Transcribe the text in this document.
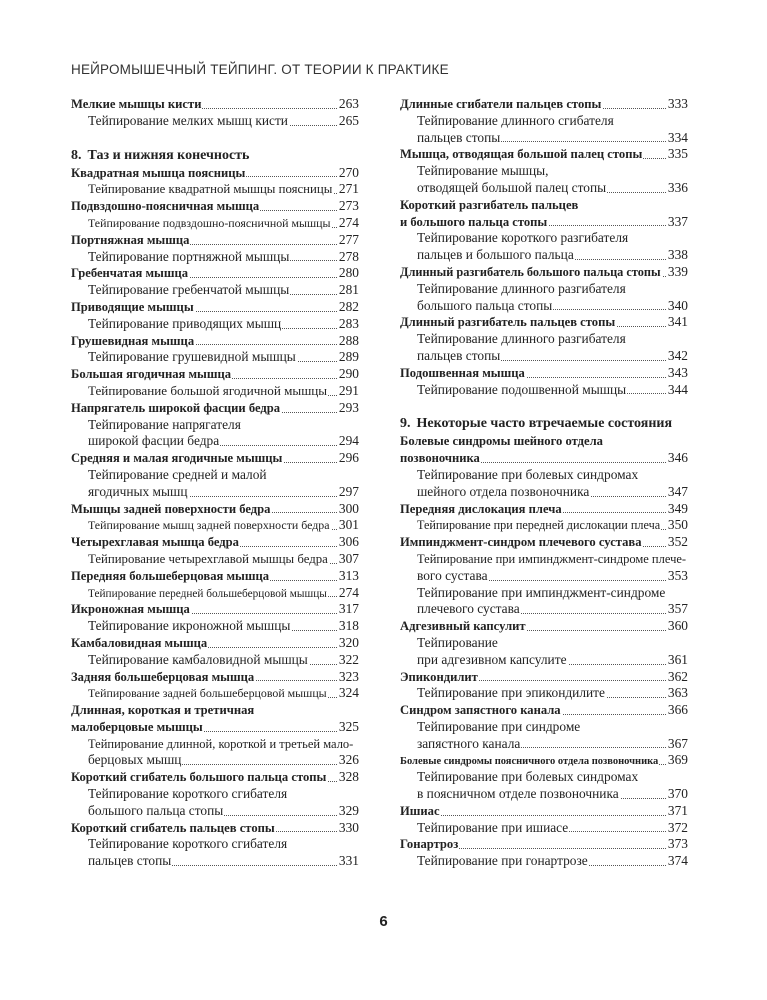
НЕЙРОМЫШЕЧНЫЙ ТЕЙПИНГ. ОТ ТЕОРИИ К ПРАКТИКЕ
Мелкие мышцы кисти	263
Тейпирование мелких мышц кисти	265
8. Таз и нижняя конечность
Квадратная мышца поясницы	270
Тейпирование квадратной мышцы поясницы 271
Подвздошно-поясничная мышца	273
Тейпирование подвздошно-поясничной мышцы 274
Портняжная мышца	277
Тейпирование портняжной мышцы	278
Гребенчатая мышца	280
Тейпирование гребенчатой мышцы	281
Приводящие мышцы	282
Тейпирование приводящих мышц	283
Грушевидная мышца	288
Тейпирование грушевидной мышцы	289
Большая ягодичная мышца	290
Тейпирование большой ягодичной мышцы 291
Напрягатель широкой фасции бедра	293
Тейпирование напрягателя
широкой фасции бедра	294
Средняя и малая ягодичные мышцы	296
Тейпирование средней и малой
ягодичных мышц	297
Мышцы задней поверхности бедра	300
Тейпирование мышц задней поверхности бедра 301
Четырехглавая мышца бедра	306
Тейпирование четырехглавой мышцы бедра 307
Передняя большеберцовая мышца	313
Тейпирование передней большеберцовой мышцы 274
Икроножная мышца	317
Тейпирование икроножной мышцы	318
Камбаловидная мышца	320
Тейпирование камбаловидной мышцы 322
Задняя большеберцовая мышца	323
Тейпирование задней большеберцовой мышцы 324
Длинная, короткая и третичная
малоберцовые мышцы	325
Тейпирование длинной, короткой и третьей мало-
берцовых мышц	326
Короткий сгибатель большого пальца стопы 328
Тейпирование короткого сгибателя
большого пальца стопы	329
Короткий сгибатель пальцев стопы	330
Тейпирование короткого сгибателя
пальцев стопы	331
Длинные сгибатели пальцев стопы	333
Тейпирование длинного сгибателя
пальцев стопы	334
Мышца, отводящая большой палец стопы 335
Тейпирование мышцы,
отводящей большой палец стопы	336
Короткий разгибатель пальцев
и большого пальца стопы	337
Тейпирование короткого разгибателя
пальцев и большого пальца	338
Длинный разгибатель большого пальца стопы 339
Тейпирование длинного разгибателя
большого пальца стопы	340
Длинный разгибатель пальцев стопы	341
Тейпирование длинного разгибателя
пальцев стопы	342
Подошвенная мышца	343
Тейпирование подошвенной мышцы	344
9. Некоторые часто втречаемые состояния
Болевые синдромы шейного отдела
позвоночника	346
Тейпирование при болевых синдромах
шейного отдела позвоночника	347
Передняя дислокация плеча	349
Тейпирование при передней дислокации плеча 350
Импинджмент-синдром плечевого сустава 352
Тейпирование при импинджмент-синдроме плече-
вого сустава	353
Тейпирование при импинджмент-синдроме
плечевого сустава	357
Адгезивный капсулит	360
Тейпирование
при адгезивном капсулите	361
Эпикондилит	362
Тейпирование при эпикондилите	363
Синдром запястного канала	366
Тейпирование при синдроме
запястного канала	367
Болевые синдромы поясничного отдела позвоночника 369
Тейпирование при болевых синдромах
в поясничном отделе позвоночника	370
Ишиас	371
Тейпирование при ишиасе	372
Гонартроз	373
Тейпирование при гонартрозе	374
6
